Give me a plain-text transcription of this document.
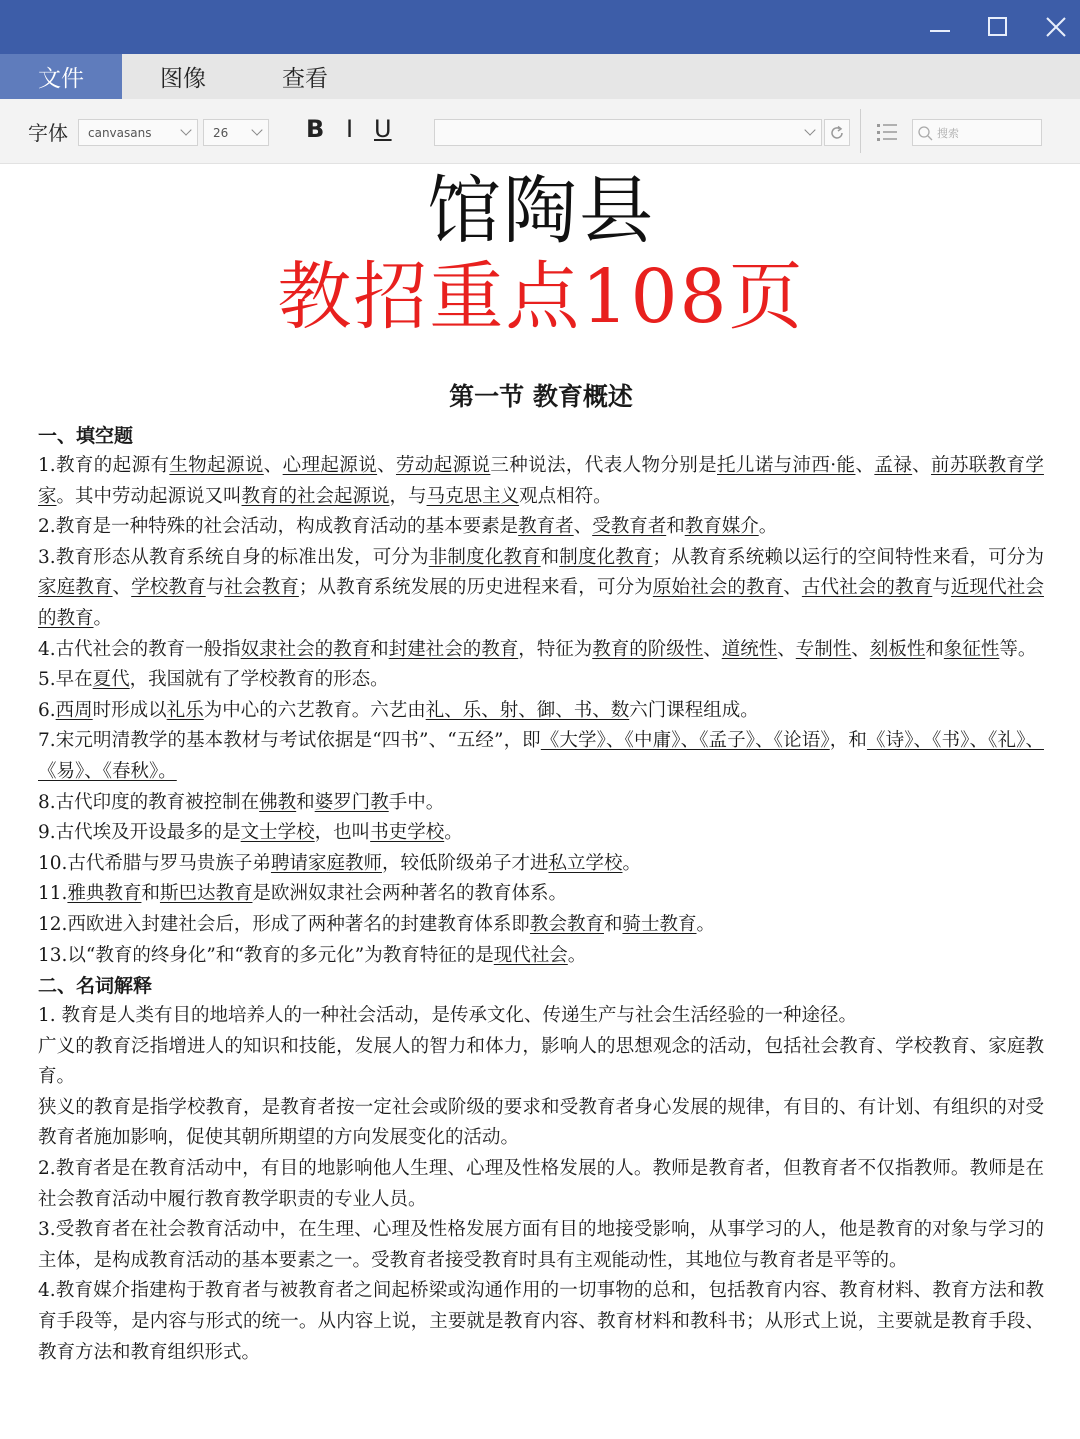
文件	图像	查看
字体 canvasans	26	B I U	搜索
馆陶县
教招重点108页
第一节 教育概述
一、填空题
1.教育的起源有生物起源说、心理起源说、劳动起源说三种说法，代表人物分别是托儿诺与沛西·能、孟禄、前苏联教育学家。其中劳动起源说又叫教育的社会起源说，与马克思主义观点相符。
2.教育是一种特殊的社会活动，构成教育活动的基本要素是教育者、受教育者和教育媒介。
3.教育形态从教育系统自身的标准出发，可分为非制度化教育和制度化教育；从教育系统赖以运行的空间特性来看，可分为家庭教育、学校教育与社会教育；从教育系统发展的历史进程来看，可分为原始社会的教育、古代社会的教育与近现代社会的教育。
4.古代社会的教育一般指奴隶社会的教育和封建社会的教育，特征为教育的阶级性、道统性、专制性、刻板性和象征性等。
5.早在夏代，我国就有了学校教育的形态。
6.西周时形成以礼乐为中心的六艺教育。六艺由礼、乐、射、御、书、数六门课程组成。
7.宋元明清教学的基本教材与考试依据是“四书”、“五经”，即《大学》、《中庸》、《孟子》、《论语》，和《诗》、《书》、《礼》、《易》、《春秋》。
8.古代印度的教育被控制在佛教和婆罗门教手中。
9.古代埃及开设最多的是文士学校，也叫书吏学校。
10.古代希腊与罗马贵族子弟聘请家庭教师，较低阶级弟子才进私立学校。
11.雅典教育和斯巴达教育是欧洲奴隶社会两种著名的教育体系。
12.西欧进入封建社会后，形成了两种著名的封建教育体系即教会教育和骑士教育。
13.以“教育的终身化”和“教育的多元化”为教育特征的是现代社会。
二、名词解释
1. 教育是人类有目的地培养人的一种社会活动，是传承文化、传递生产与社会生活经验的一种途径。
广义的教育泛指增进人的知识和技能，发展人的智力和体力，影响人的思想观念的活动，包括社会教育、学校教育、家庭教育。
狭义的教育是指学校教育，是教育者按一定社会或阶级的要求和受教育者身心发展的规律，有目的、有计划、有组织的对受教育者施加影响，促使其朝所期望的方向发展变化的活动。
2.教育者是在教育活动中，有目的地影响他人生理、心理及性格发展的人。教师是教育者，但教育者不仅指教师。教师是在社会教育活动中履行教育教学职责的专业人员。
3.受教育者在社会教育活动中，在生理、心理及性格发展方面有目的地接受影响，从事学习的人，他是教育的对象与学习的主体，是构成教育活动的基本要素之一。受教育者接受教育时具有主观能动性，其地位与教育者是平等的。
4.教育媒介指建构于教育者与被教育者之间起桥梁或沟通作用的一切事物的总和，包括教育内容、教育材料、教育方法和教育手段等，是内容与形式的统一。从内容上说，主要就是教育内容、教育材料和教科书；从形式上说，主要就是教育手段、教育方法和教育组织形式。
